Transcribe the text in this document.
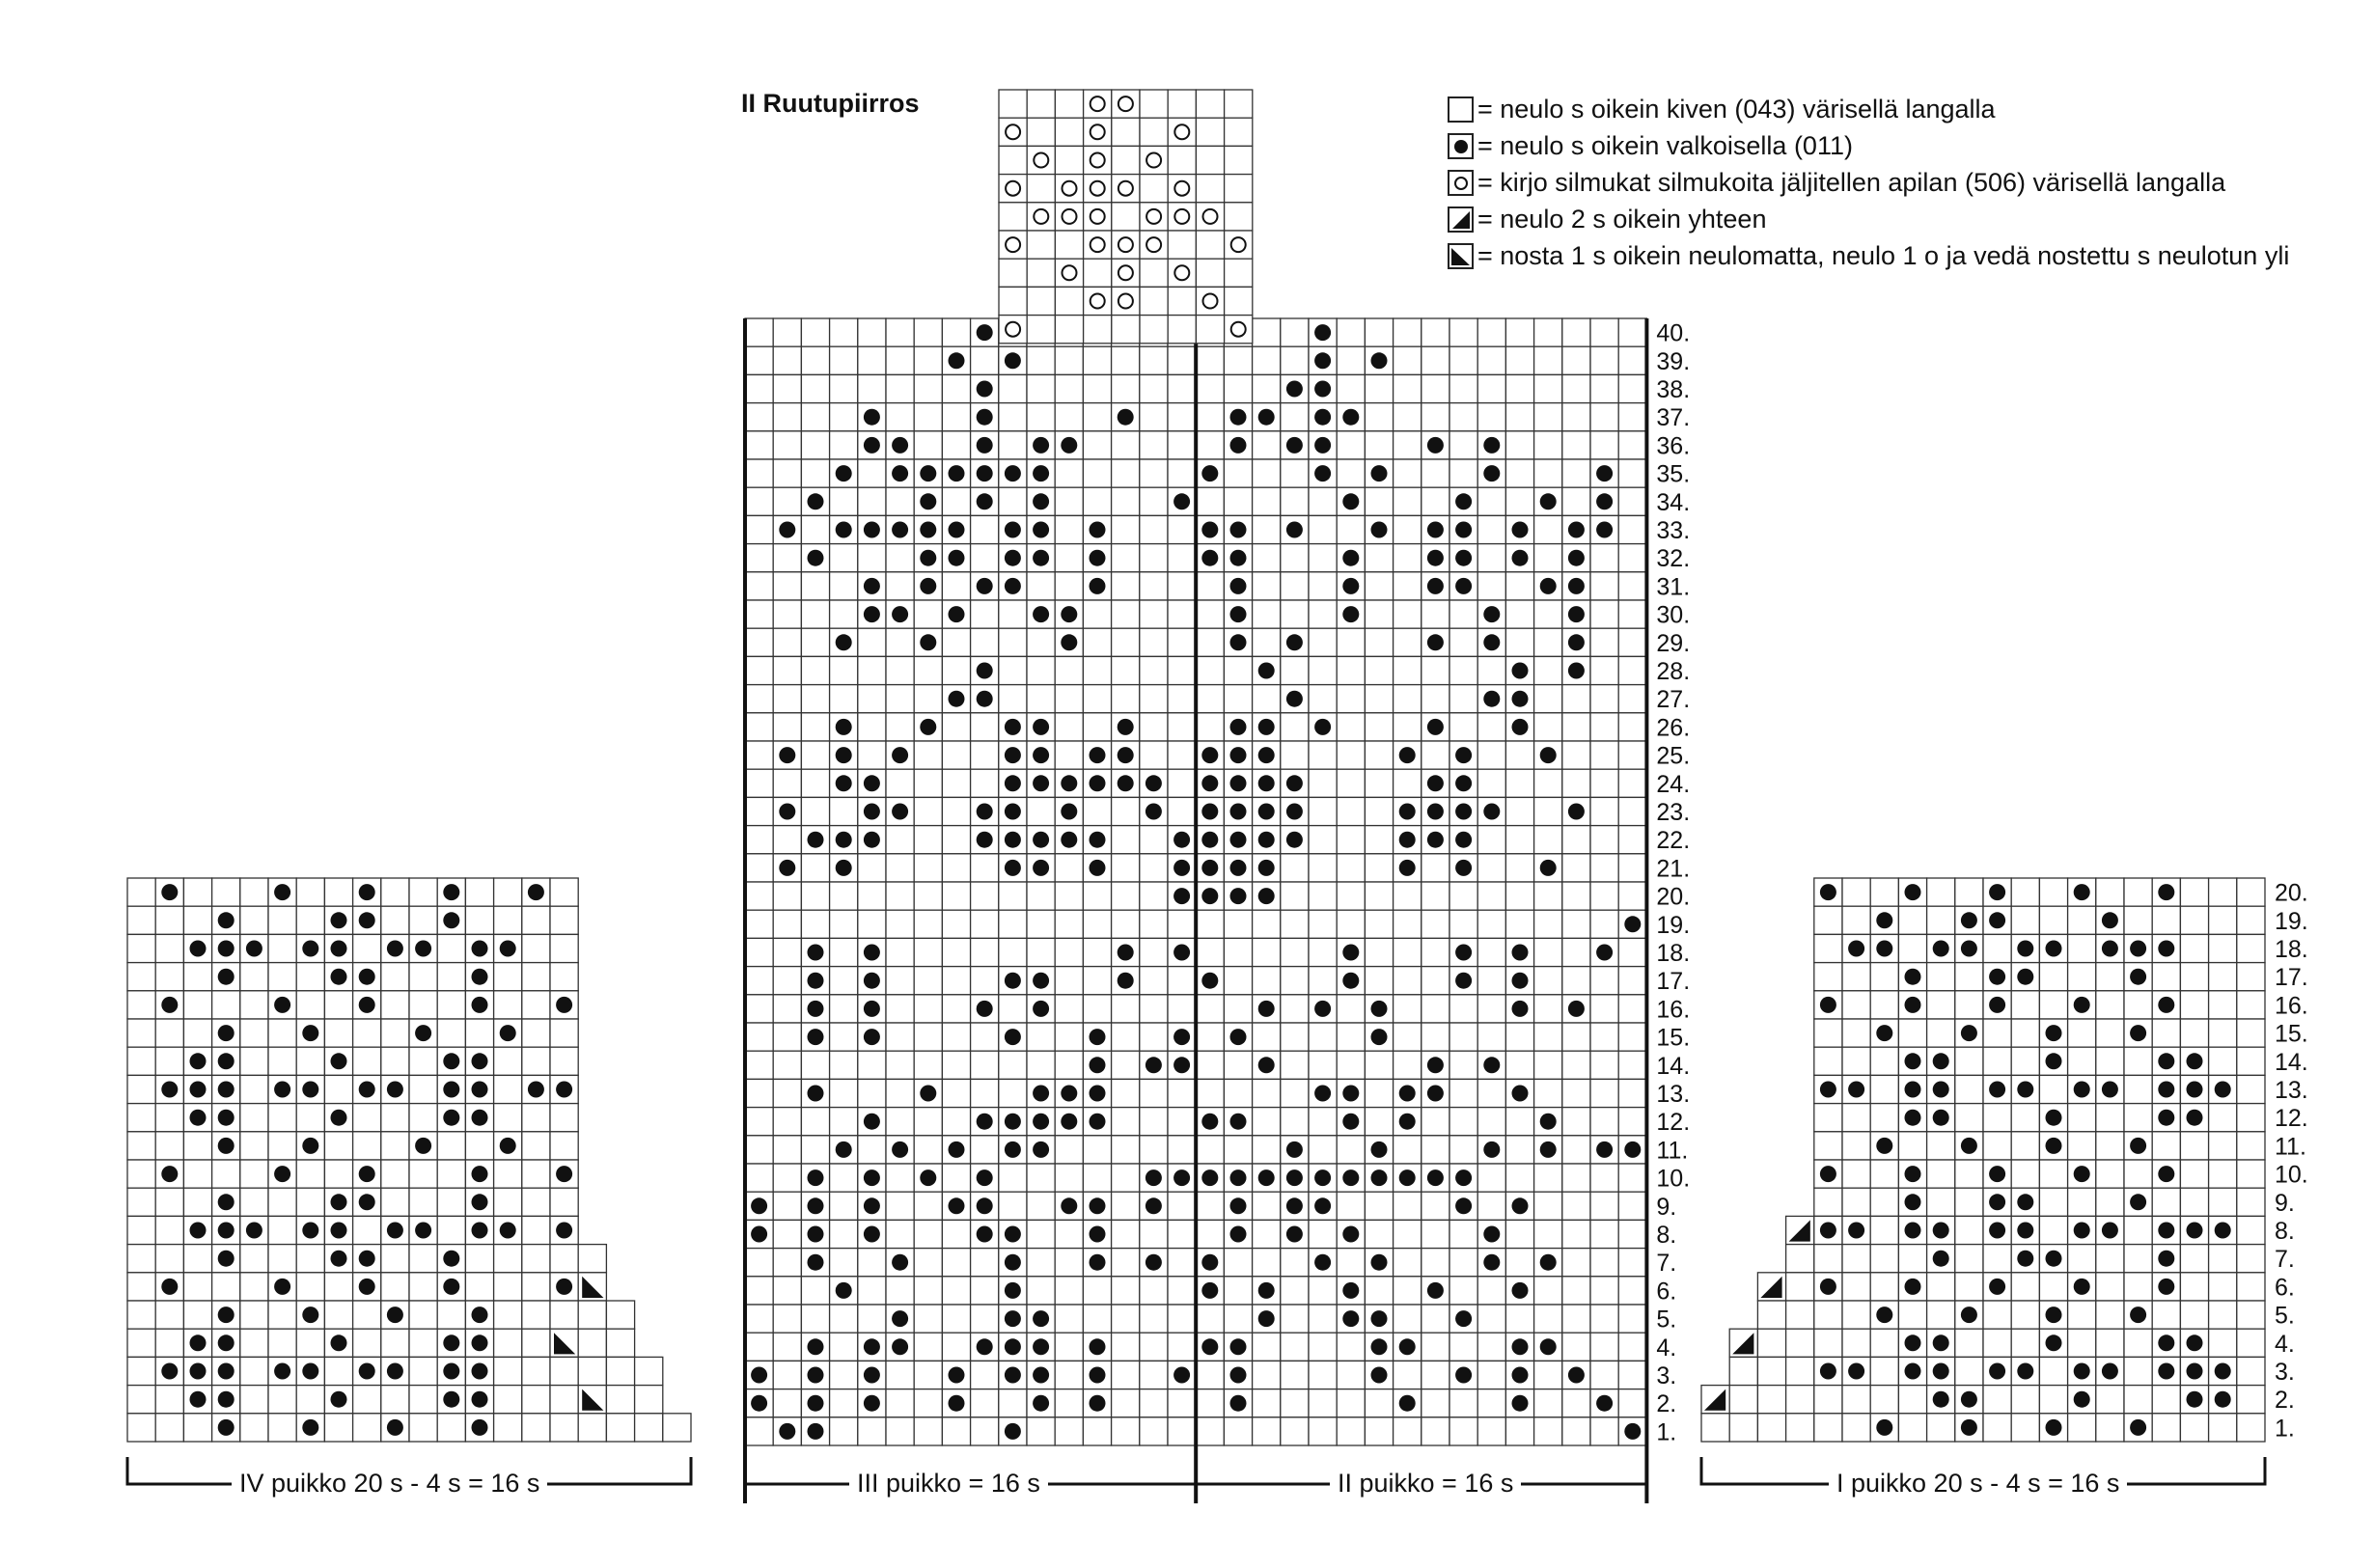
1.
2.
3.
4.
5.
6.
7.
8.
9.
10.
11.
12.
13.
14.
15.
16.
17.
18.
19.
20.
21.
22.
23.
24.
25.
26.
27.
28.
29.
30.
31.
32.
33.
34.
35.
36.
37.
38.
39.
40.
1.
2.
3.
4.
5.
6.
7.
8.
9.
10.
11.
12.
13.
14.
15.
16.
17.
18.
19.
20.
II Ruutupiirros	= neulo s oikein kiven (043) värisellä langalla
= neulo s oikein valkoisella (011)
= kirjo silmukat silmukoita jäljitellen apilan (506) värisellä langalla
= neulo 2 s oikein yhteen
= nosta 1 s oikein neulomatta, neulo 1 o ja vedä nostettu s neulotun yli
IV puikko 20 s - 4 s = 16 s	III puikko = 16 s	II puikko = 16 s	I puikko 20 s - 4 s = 16 s
